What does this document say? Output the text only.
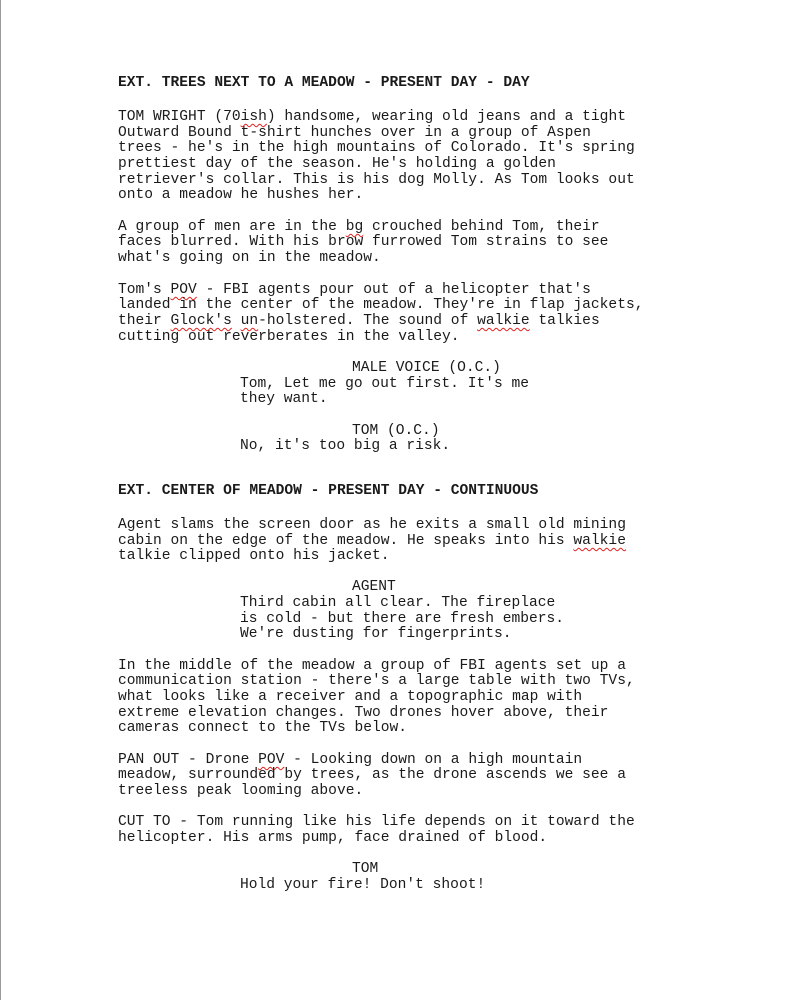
EXT. TREES NEXT TO A MEADOW - PRESENT DAY - DAY
TOM WRIGHT (70ish) handsome, wearing old jeans and a tight
Outward Bound t-shirt hunches over in a group of Aspen
trees - he's in the high mountains of Colorado. It's spring
prettiest day of the season. He's holding a golden
retriever's collar. This is his dog Molly. As Tom looks out
onto a meadow he hushes her.
A group of men are in the bg crouched behind Tom, their
faces blurred. With his brow furrowed Tom strains to see
what's going on in the meadow.
Tom's POV - FBI agents pour out of a helicopter that's
landed in the center of the meadow. They're in flap jackets,
their Glock's un-holstered. The sound of walkie talkies
cutting out reverberates in the valley.
MALE VOICE (O.C.)
Tom, Let me go out first. It's me
they want.
TOM (O.C.)
No, it's too big a risk.
EXT. CENTER OF MEADOW - PRESENT DAY - CONTINUOUS
Agent slams the screen door as he exits a small old mining
cabin on the edge of the meadow. He speaks into his walkie
talkie clipped onto his jacket.
AGENT
Third cabin all clear. The fireplace
is cold - but there are fresh embers.
We're dusting for fingerprints.
In the middle of the meadow a group of FBI agents set up a
communication station - there's a large table with two TVs,
what looks like a receiver and a topographic map with
extreme elevation changes. Two drones hover above, their
cameras connect to the TVs below.
PAN OUT - Drone POV - Looking down on a high mountain
meadow, surrounded by trees, as the drone ascends we see a
treeless peak looming above.
CUT TO - Tom running like his life depends on it toward the
helicopter. His arms pump, face drained of blood.
TOM
Hold your fire! Don't shoot!
